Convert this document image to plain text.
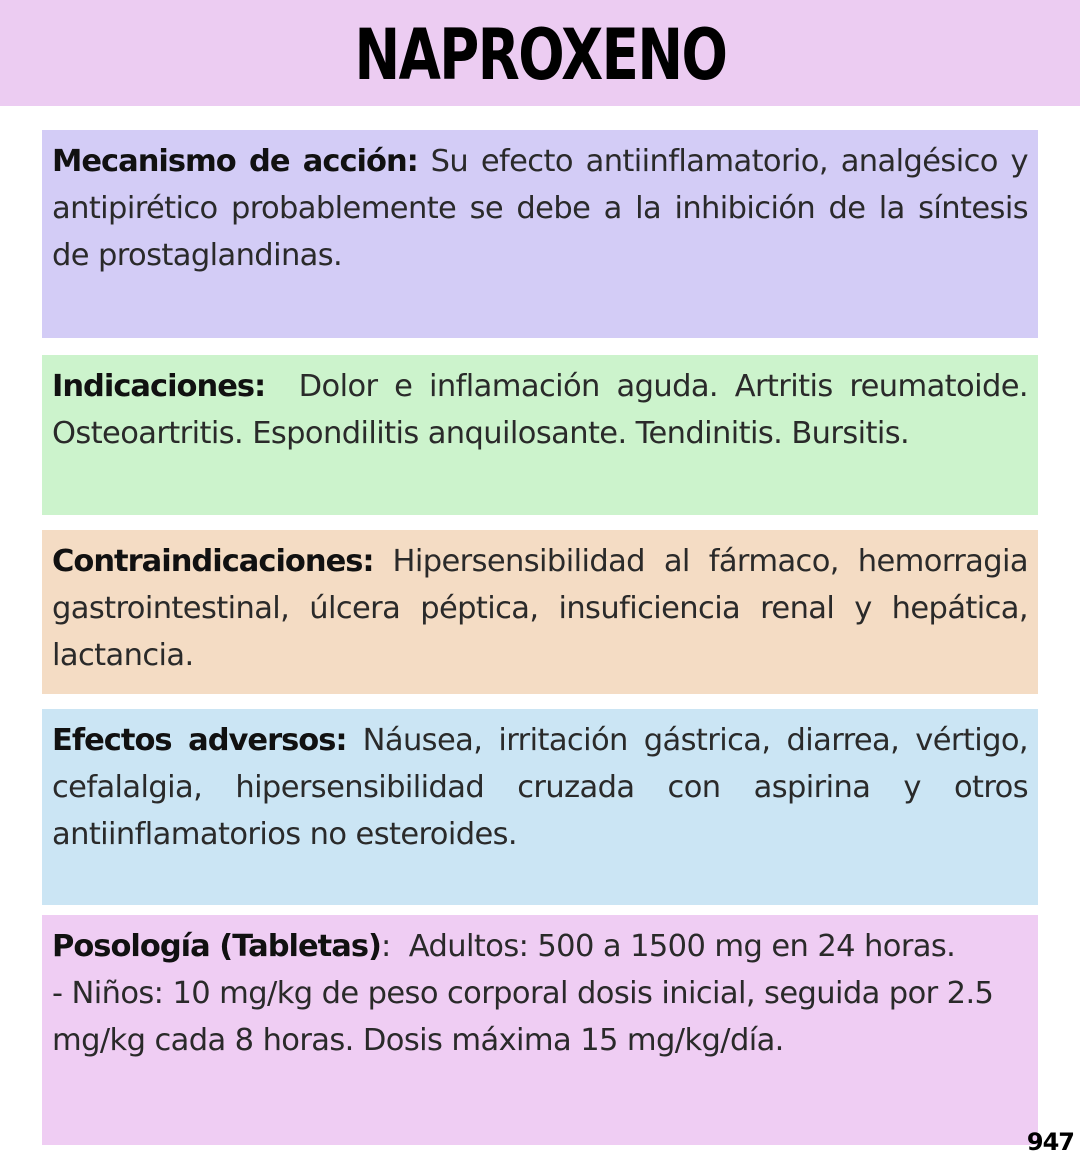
NAPROXENO
Mecanismo de acción: Su efecto antiinflamatorio, analgésico y antipirético probablemente se debe a la inhibición de la síntesis de prostaglandinas.
Indicaciones:  Dolor e inflamación aguda. Artritis reumatoide. Osteoartritis. Espondilitis anquilosante. Tendinitis. Bursitis.
Contraindicaciones: Hipersensibilidad al fármaco, hemorragia gastrointestinal, úlcera péptica, insuficiencia renal y hepática, lactancia.
Efectos adversos: Náusea, irritación gástrica, diarrea, vértigo, cefalalgia, hipersensibilidad cruzada con aspirina y otros antiinflamatorios no esteroides.
Posología (Tabletas):  Adultos: 500 a 1500 mg en 24 horas.
- Niños: 10 mg/kg de peso corporal dosis inicial, seguida por 2.5 mg/kg cada 8 horas. Dosis máxima 15 mg/kg/día.
947
